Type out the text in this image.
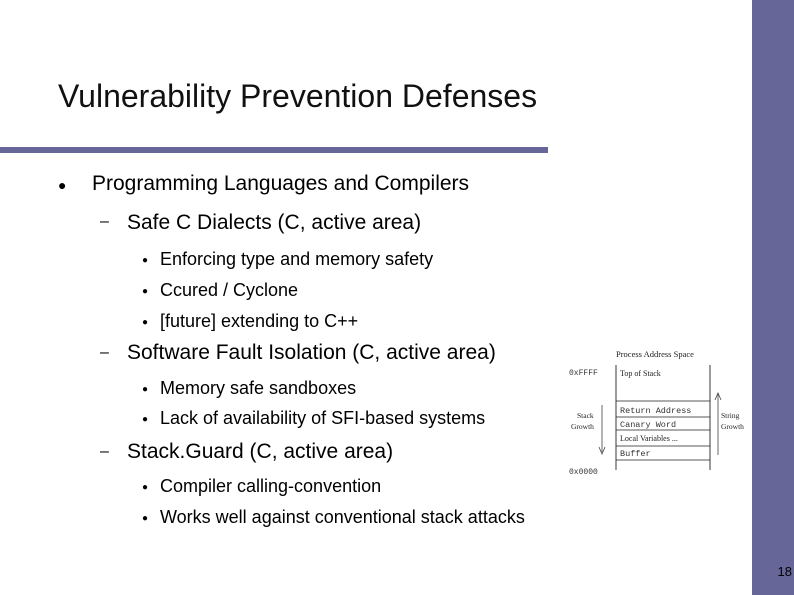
Vulnerability Prevention Defenses
● Programming Languages and Compilers
– Safe C Dialects (C, active area)
● Enforcing type and memory safety
● Ccured / Cyclone
● [future] extending to C++
– Software Fault Isolation (C, active area)
● Memory safe sandboxes
● Lack of availability of SFI-based systems
– Stack.Guard (C, active area)
● Compiler calling-convention
● Works well against conventional stack attacks
Process Address Space
0xFFFF
0x0000
Top of Stack
Return Address
Canary Word
Local Variables ...
Buffer
Stack
Growth
String
Growth
18
